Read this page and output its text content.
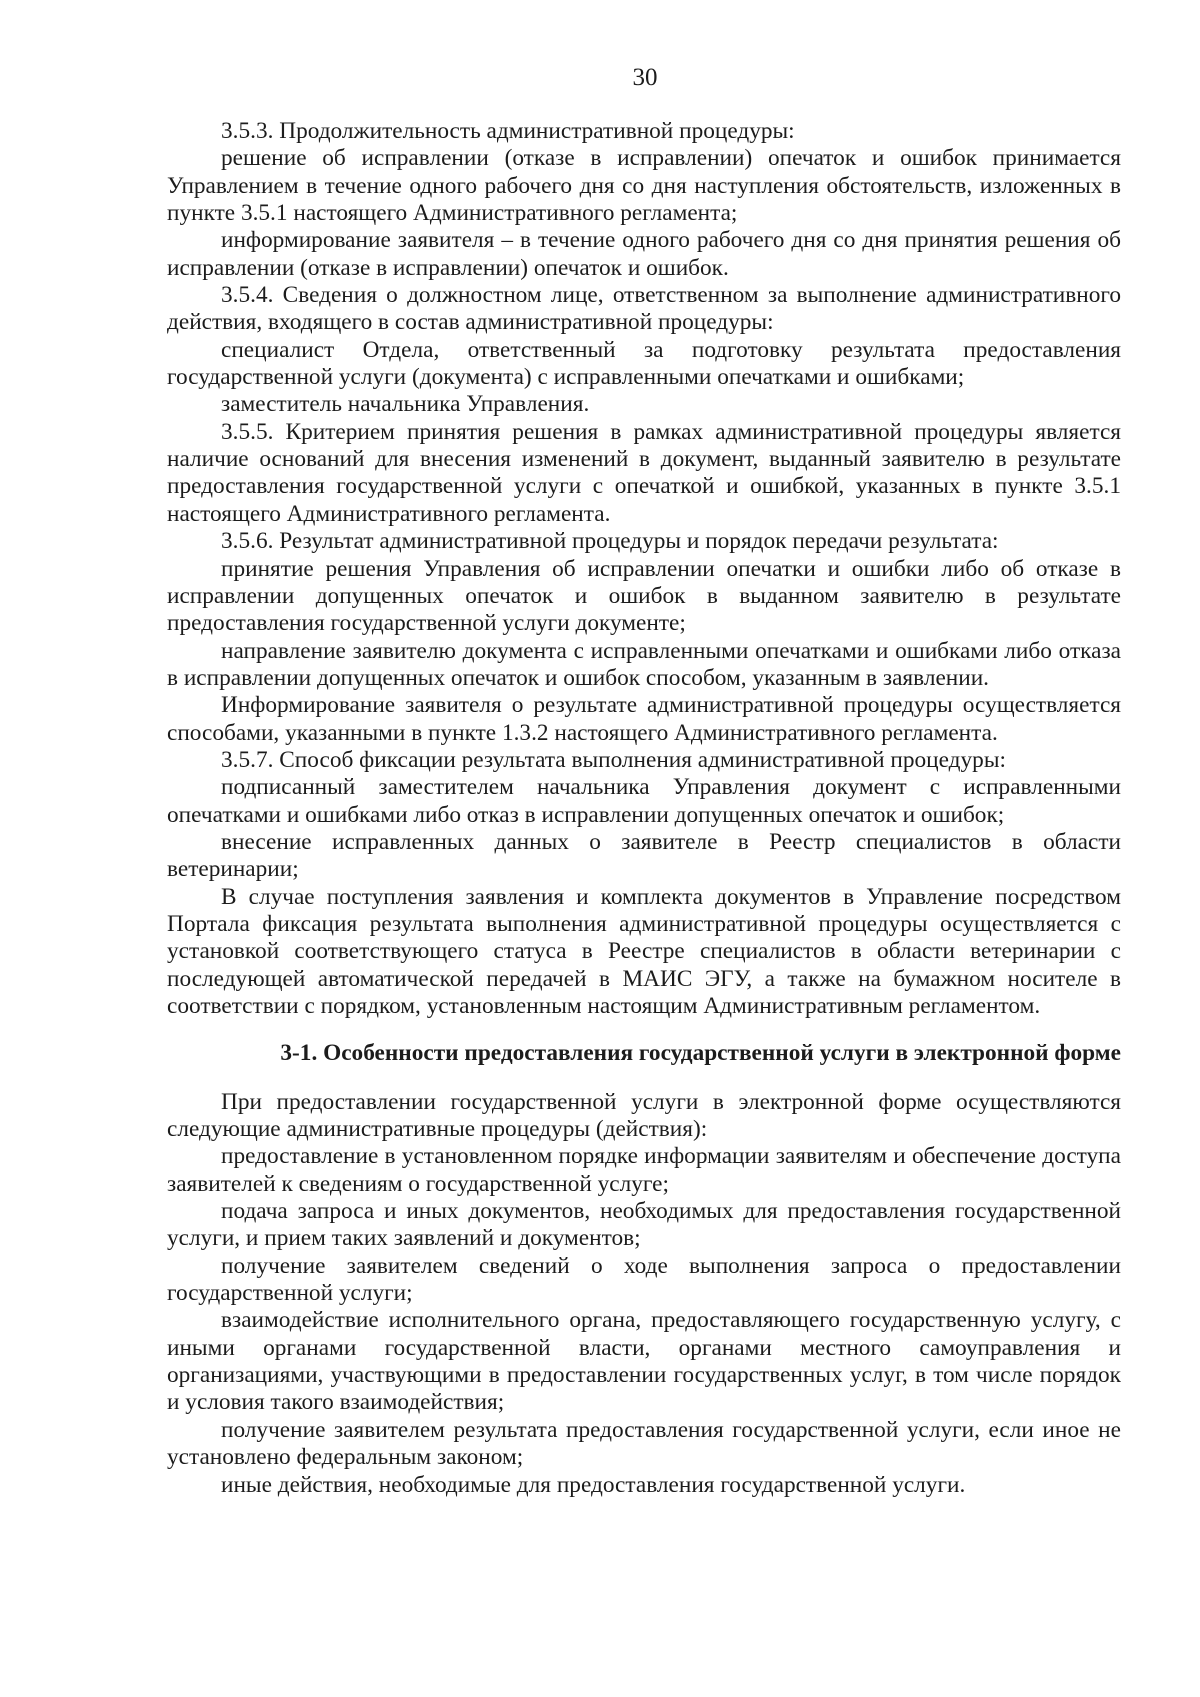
30

3.5.3. Продолжительность административной процедуры:

решение об исправлении (отказе в исправлении) опечаток и ошибок принимается Управлением в течение одного рабочего дня со дня наступления обстоятельств, изложенных в пункте 3.5.1 настоящего Административного регламента;

информирование заявителя – в течение одного рабочего дня со дня принятия решения об исправлении (отказе в исправлении) опечаток и ошибок.

3.5.4. Сведения о должностном лице, ответственном за выполнение административного действия, входящего в состав административной процедуры:

специалист Отдела, ответственный за подготовку результата предоставления государственной услуги (документа) с исправленными опечатками и ошибками;

заместитель начальника Управления.

3.5.5. Критерием принятия решения в рамках административной процедуры является наличие оснований для внесения изменений в документ, выданный заявителю в результате предоставления государственной услуги с опечаткой и ошибкой, указанных в пункте 3.5.1 настоящего Административного регламента.

3.5.6. Результат административной процедуры и порядок передачи результата:

принятие решения Управления об исправлении опечатки и ошибки либо об отказе в исправлении допущенных опечаток и ошибок в выданном заявителю в результате предоставления государственной услуги документе;

направление заявителю документа с исправленными опечатками и ошибками либо отказа в исправлении допущенных опечаток и ошибок способом, указанным в заявлении.

Информирование заявителя о результате административной процедуры осуществляется способами, указанными в пункте 1.3.2 настоящего Административного регламента.

3.5.7. Способ фиксации результата выполнения административной процедуры:

подписанный заместителем начальника Управления документ с исправленными опечатками и ошибками либо отказ в исправлении допущенных опечаток и ошибок;

внесение исправленных данных о заявителе в Реестр специалистов в области ветеринарии;

В случае поступления заявления и комплекта документов в Управление посредством Портала фиксация результата выполнения административной процедуры осуществляется с установкой соответствующего статуса в Реестре специалистов в области ветеринарии с последующей автоматической передачей в МАИС ЭГУ, а также на бумажном носителе в соответствии с порядком, установленным настоящим Административным регламентом.

3-1. Особенности предоставления государственной услуги в электронной форме

При предоставлении государственной услуги в электронной форме осуществляются следующие административные процедуры (действия):

предоставление в установленном порядке информации заявителям и обеспечение доступа заявителей к сведениям о государственной услуге;

подача запроса и иных документов, необходимых для предоставления государственной услуги, и прием таких заявлений и документов;

получение заявителем сведений о ходе выполнения запроса о предоставлении государственной услуги;

взаимодействие исполнительного органа, предоставляющего государственную услугу, с иными органами государственной власти, органами местного самоуправления и организациями, участвующими в предоставлении государственных услуг, в том числе порядок и условия такого взаимодействия;

получение заявителем результата предоставления государственной услуги, если иное не установлено федеральным законом;

иные действия, необходимые для предоставления государственной услуги.
